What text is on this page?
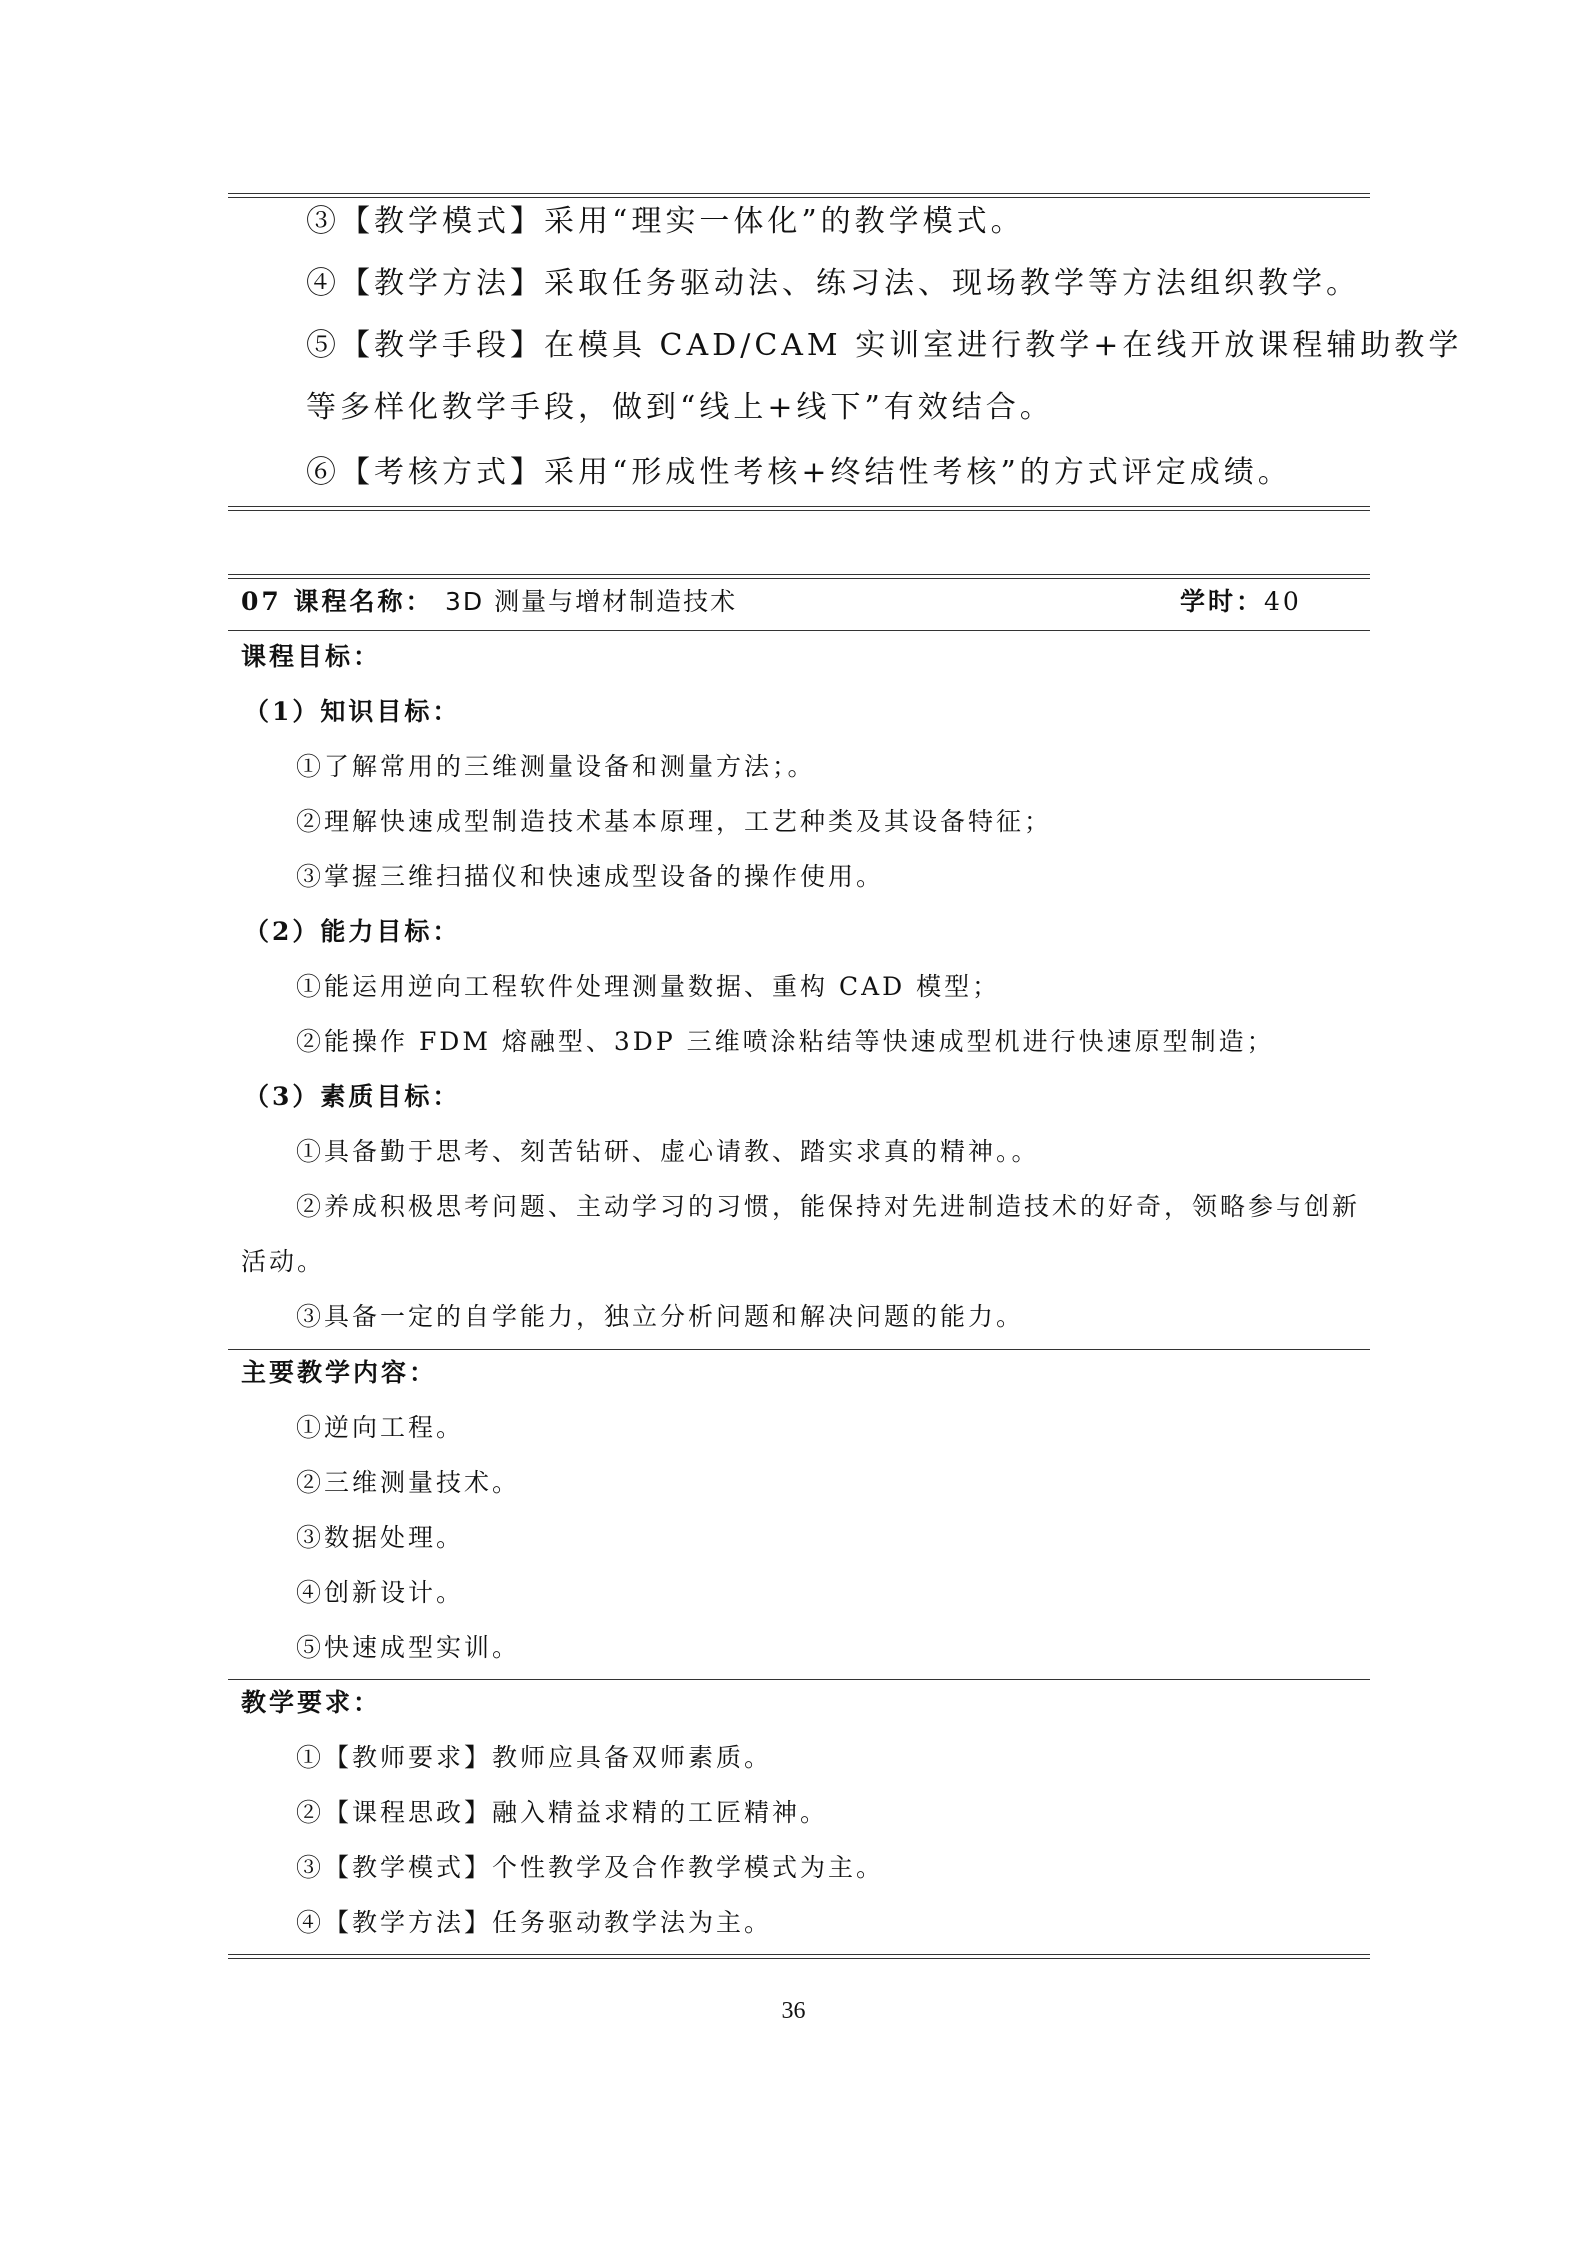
③【教学模式】采用“理实一体化”的教学模式。
④【教学方法】采取任务驱动法、练习法、现场教学等方法组织教学。
⑤【教学手段】在模具 CAD/CAM 实训室进行教学+在线开放课程辅助教学
等多样化教学手段，做到“线上+线下”有效结合。
⑥【考核方式】采用“形成性考核+终结性考核”的方式评定成绩。
07 课程名称： 3D 测量与增材制造技术	学时：40
课程目标：
（1）知识目标：
①了解常用的三维测量设备和测量方法；。
②理解快速成型制造技术基本原理，工艺种类及其设备特征；
③掌握三维扫描仪和快速成型设备的操作使用。
（2）能力目标：
①能运用逆向工程软件处理测量数据、重构 CAD 模型；
②能操作 FDM 熔融型、3DP 三维喷涂粘结等快速成型机进行快速原型制造；
（3）素质目标：
①具备勤于思考、刻苦钻研、虚心请教、踏实求真的精神。。
②养成积极思考问题、主动学习的习惯，能保持对先进制造技术的好奇，领略参与创新
活动。
③具备一定的自学能力，独立分析问题和解决问题的能力。
主要教学内容：
①逆向工程。
②三维测量技术。
③数据处理。
④创新设计。
⑤快速成型实训。
教学要求：
①【教师要求】教师应具备双师素质。
②【课程思政】融入精益求精的工匠精神。
③【教学模式】个性教学及合作教学模式为主。
④【教学方法】任务驱动教学法为主。
36
